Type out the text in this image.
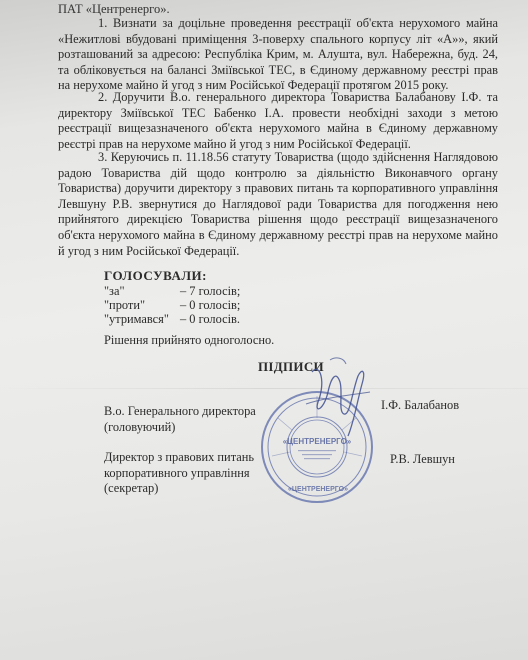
ПАТ «Центренерго».
1. Визнати за доцільне проведення реєстрації об'єкта нерухомого майна «Нежитлові вбудовані приміщення 3-поверху спального корпусу літ «А»», який розташований за адресою: Республіка Крим, м. Алушта, вул. Набережна, буд. 24, та обліковується на балансі Зміївської ТЕС, в Єдиному державному реєстрі прав на нерухоме майно й угод з ним Російської Федерації протягом 2015 року.
2. Доручити В.о. генерального директора Товариства Балабанову І.Ф. та директору Зміївської ТЕС Бабенко І.А. провести необхідні заходи з метою реєстрації вищезазначеного об'єкта нерухомого майна в Єдиному державному реєстрі прав на нерухоме майно й угод з ним Російської Федерації.
3. Керуючись п. 11.18.56 статуту Товариства (щодо здійснення Наглядовою радою Товариства дій щодо контролю за діяльністю Виконавчого органу Товариства) доручити директору з правових питань та корпоративного управління Левшуну Р.В. звернутися до Наглядової ради Товариства для погодження нею прийнятого дирекцією Товариства рішення щодо реєстрації вищезазначеного об'єкта нерухомого майна в Єдиному державному реєстрі прав на нерухоме майно й угод з ним Російської Федерації.
ГОЛОСУВАЛИ:
"за"	– 7 голосів;
"проти"	– 0 голосів;
"утримався" – 0 голосів.
Рішення прийнято одноголосно.
ПІДПИСИ
В.о. Генерального директора
(головуючий)
І.Ф. Балабанов
Директор з правових питань
корпоративного управління
(секретар)
Р.В. Левшун
«ЦЕНТРЕНЕРГО»
«ЦЕНТРЕНЕРГО»
